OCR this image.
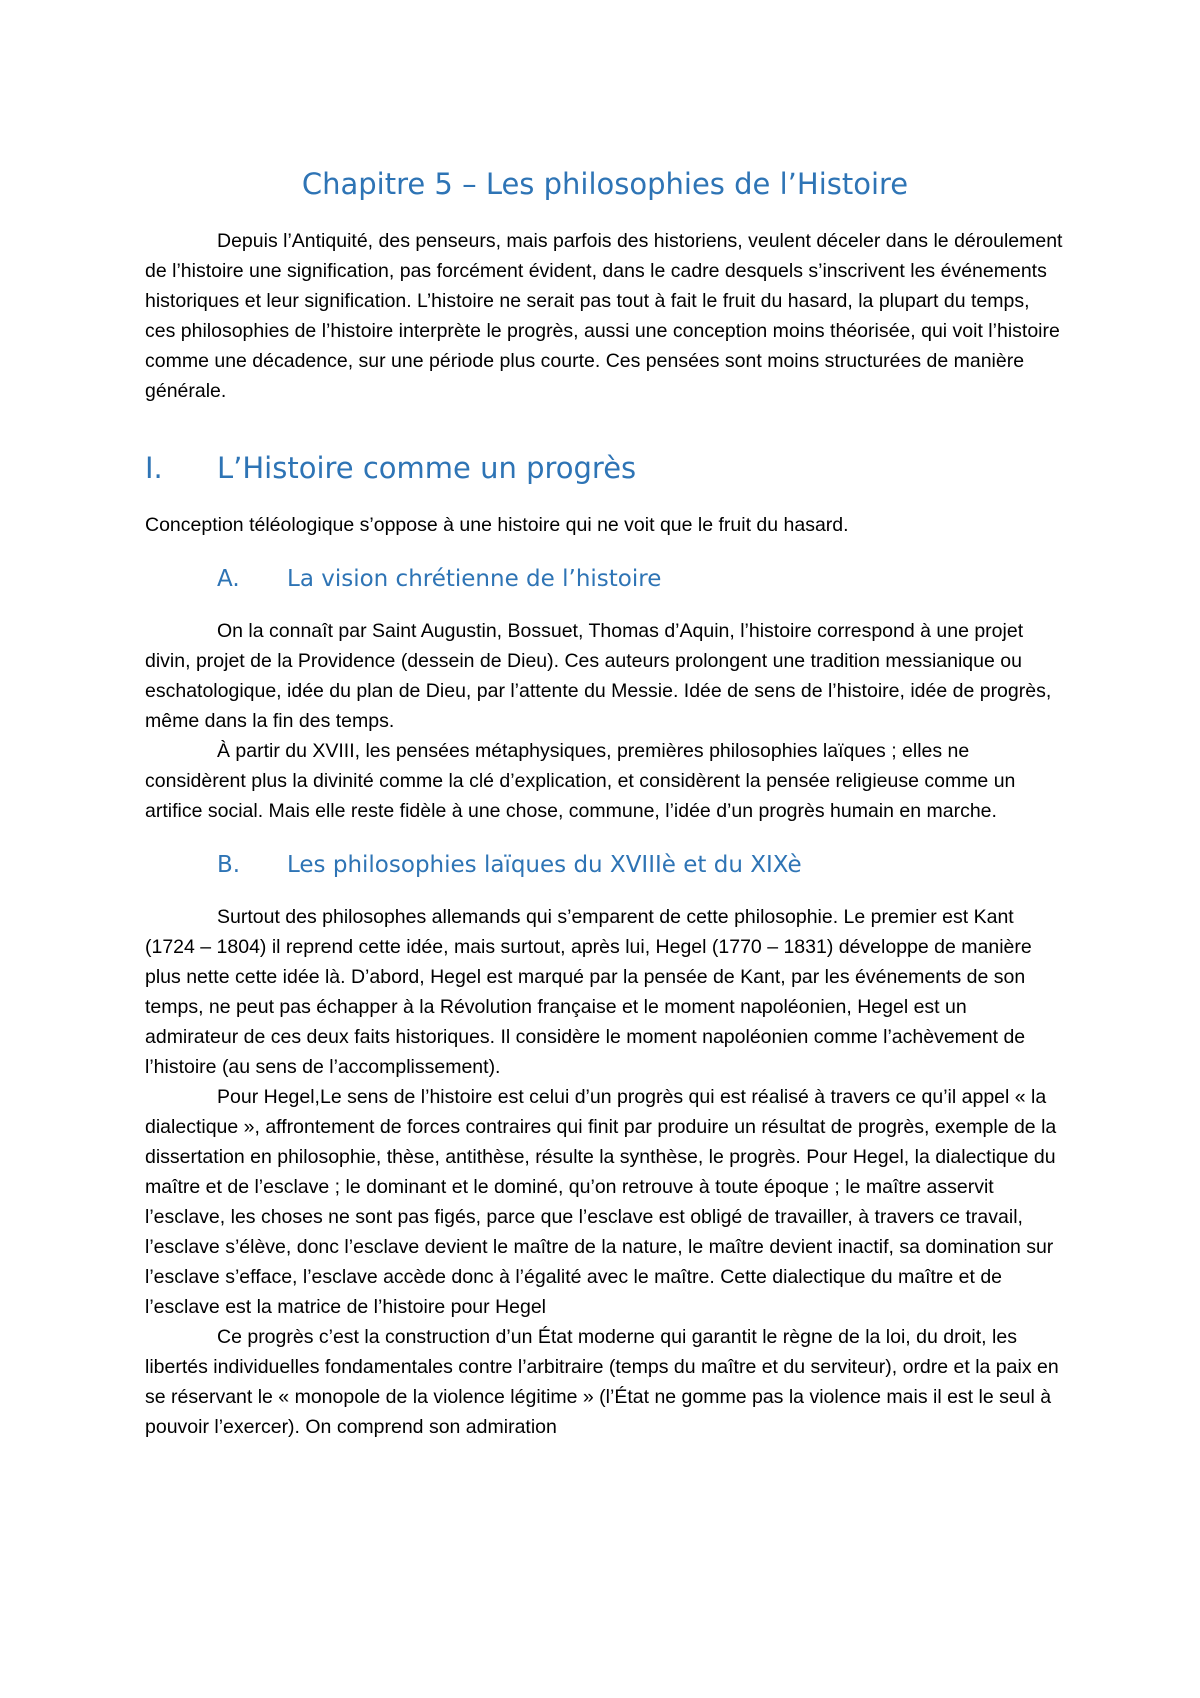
Chapitre 5 – Les philosophies de l’Histoire

Depuis l’Antiquité, des penseurs, mais parfois des historiens, veulent déceler dans le déroulement de l’histoire une signification, pas forcément évident, dans le cadre desquels s’inscrivent les événements historiques et leur signification. L’histoire ne serait pas tout à fait le fruit du hasard, la plupart du temps, ces philosophies de l’histoire interprète le progrès, aussi une conception moins théorisée, qui voit l’histoire comme une décadence, sur une période plus courte. Ces pensées sont moins structurées de manière générale.

I.	L’Histoire comme un progrès

Conception téléologique s’oppose à une histoire qui ne voit que le fruit du hasard.

A.	La vision chrétienne de l’histoire

On la connaît par Saint Augustin, Bossuet, Thomas d’Aquin, l’histoire correspond à une projet divin, projet de la Providence (dessein de Dieu). Ces auteurs prolongent une tradition messianique ou eschatologique, idée du plan de Dieu, par l’attente du Messie. Idée de sens de l’histoire, idée de progrès, même dans la fin des temps.

À partir du XVIII, les pensées métaphysiques, premières philosophies laïques ; elles ne considèrent plus la divinité comme la clé d’explication, et considèrent la pensée religieuse comme un artifice social. Mais elle reste fidèle à une chose, commune, l’idée d’un progrès humain en marche.

B.	Les philosophies laïques du XVIIIè et du XIXè

Surtout des philosophes allemands qui s’emparent de cette philosophie. Le premier est Kant (1724 – 1804) il reprend cette idée, mais surtout, après lui, Hegel (1770 – 1831) développe de manière plus nette cette idée là. D’abord, Hegel est marqué par la pensée de Kant, par les événements de son temps, ne peut pas échapper à la Révolution française et le moment napoléonien, Hegel est un admirateur de ces deux faits historiques. Il considère le moment napoléonien comme l’achèvement de l’histoire (au sens de l’accomplissement).

Pour Hegel,Le sens de l’histoire est celui d’un progrès qui est réalisé à travers ce qu’il appel « la dialectique », affrontement de forces contraires qui finit par produire un résultat de progrès, exemple de la dissertation en philosophie, thèse, antithèse, résulte la synthèse, le progrès. Pour Hegel, la dialectique du maître et de l’esclave ; le dominant et le dominé, qu’on retrouve à toute époque ; le maître asservit l’esclave, les choses ne sont pas figés, parce que l’esclave est obligé de travailler, à travers ce travail, l’esclave s’élève, donc l’esclave devient le maître de la nature, le maître devient inactif, sa domination sur l’esclave s’efface, l’esclave accède donc à l’égalité avec le maître. Cette dialectique du maître et de l’esclave est la matrice de l’histoire pour Hegel

Ce progrès c’est la construction d’un État moderne qui garantit le règne de la loi, du droit, les libertés individuelles fondamentales contre l’arbitraire (temps du maître et du serviteur), ordre et la paix en se réservant le « monopole de la violence légitime » (l’État ne gomme pas la violence mais il est le seul à pouvoir l’exercer). On comprend son admiration
